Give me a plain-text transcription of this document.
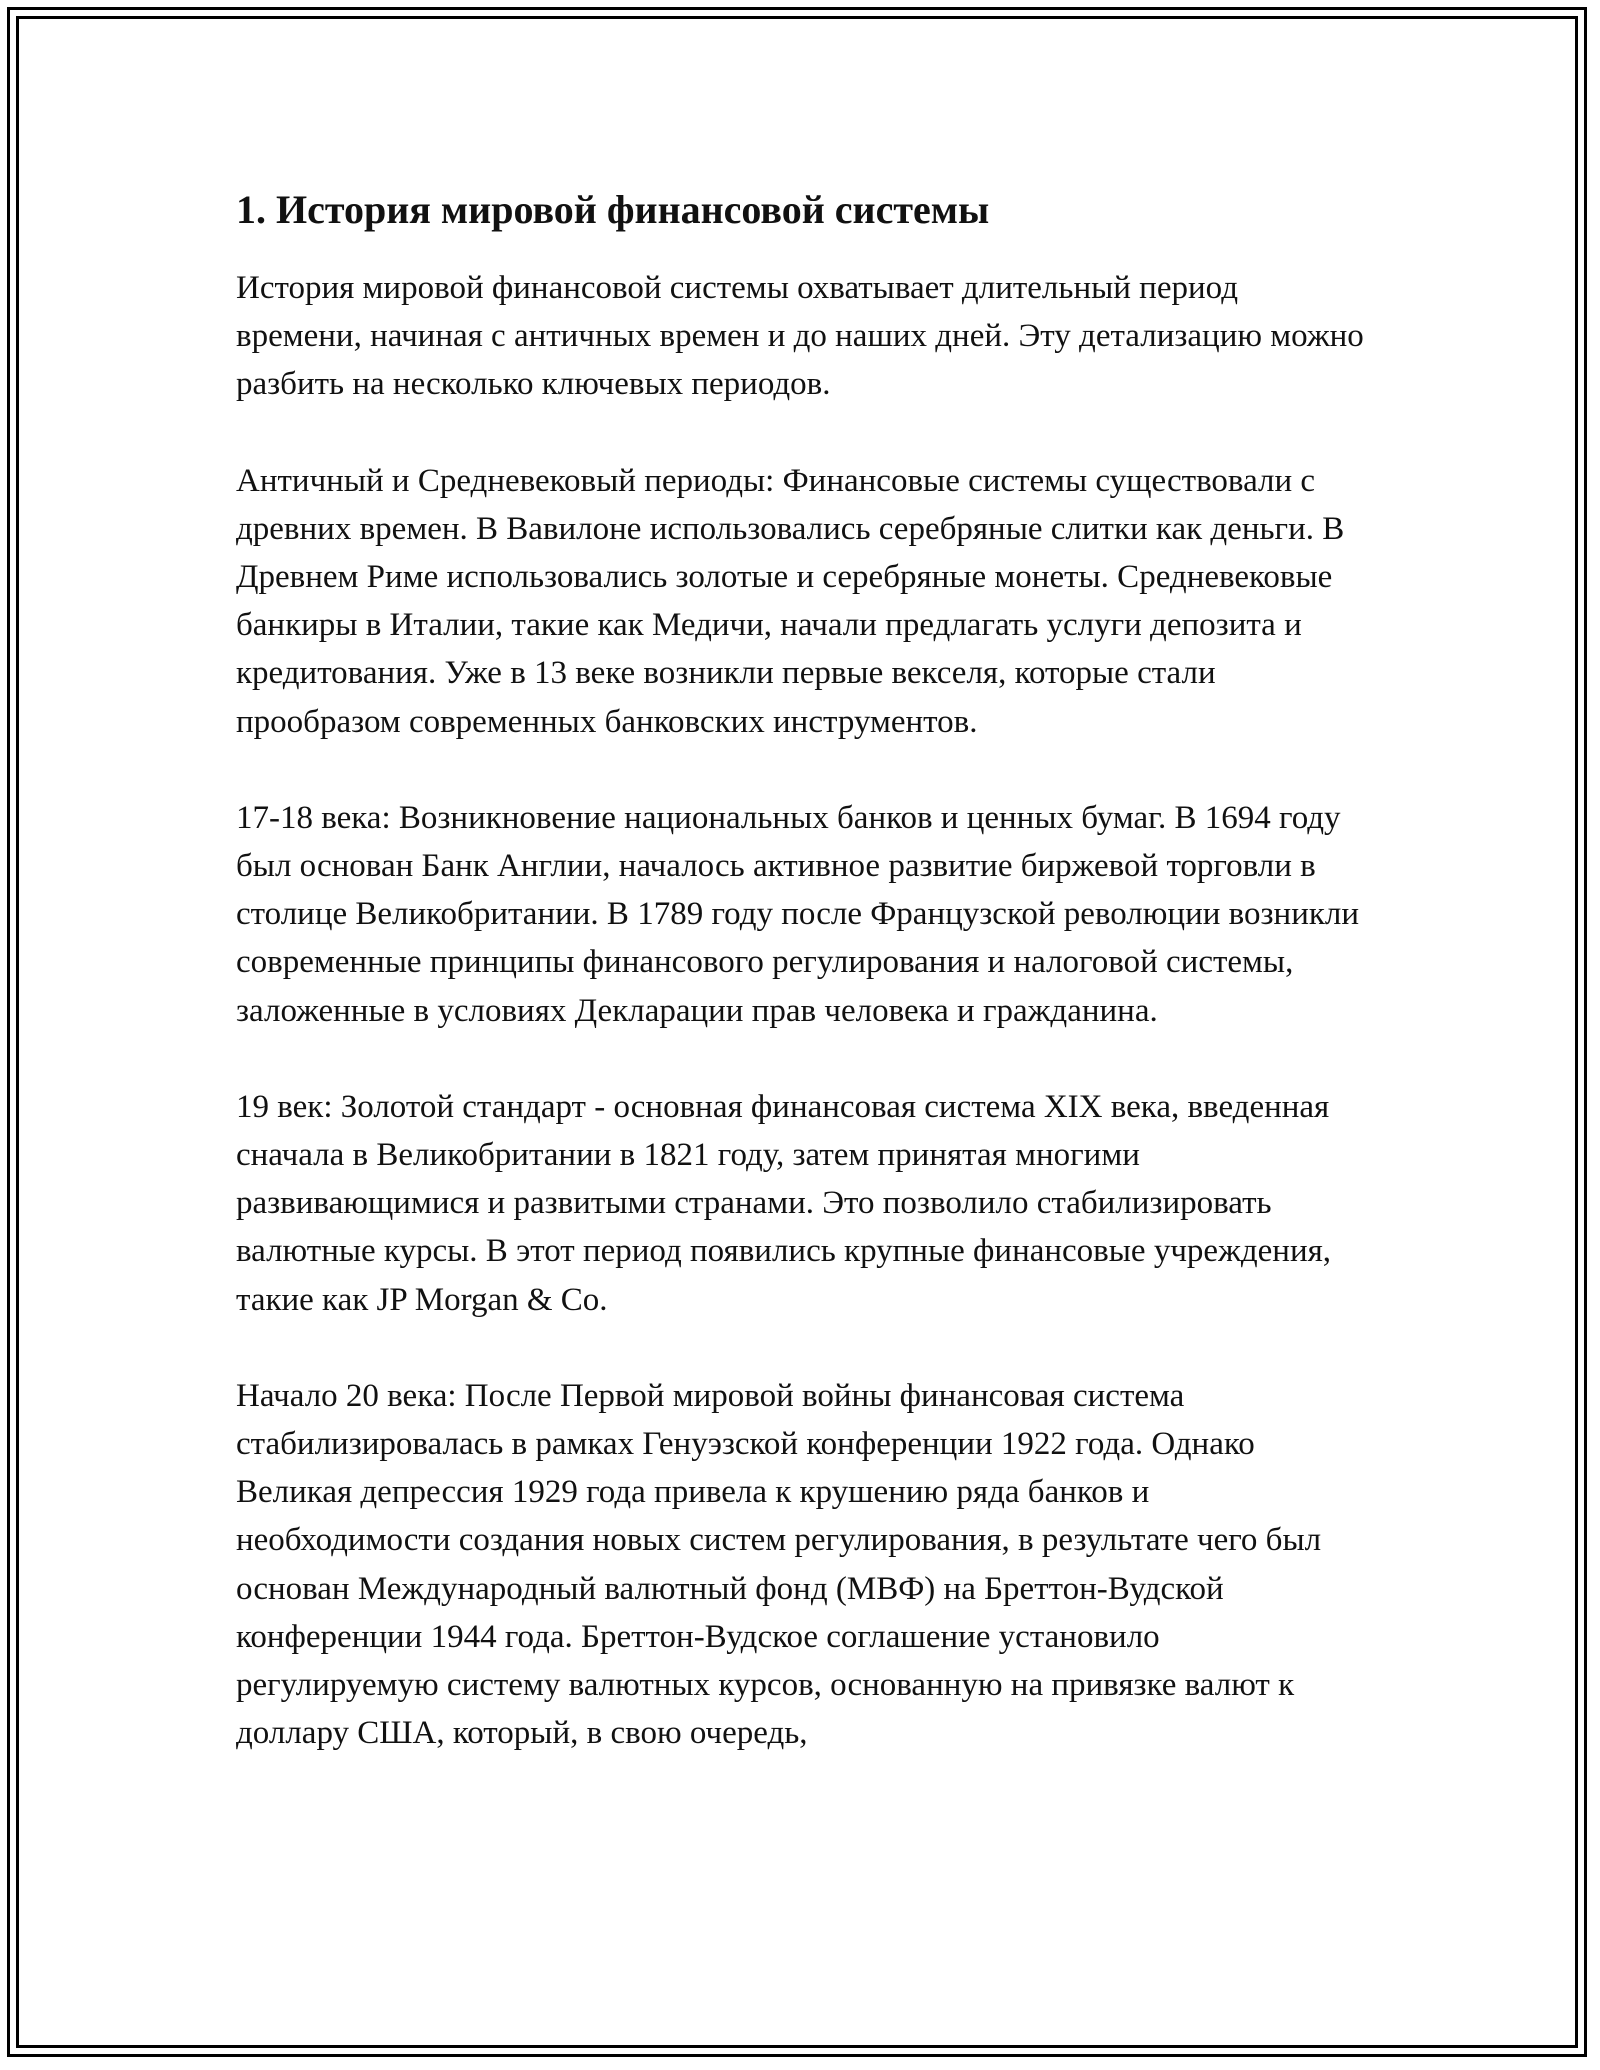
1. История мировой финансовой системы

История мировой финансовой системы охватывает длительный период времени, начиная с античных времен и до наших дней. Эту детализацию можно разбить на несколько ключевых периодов.

Античный и Средневековый периоды: Финансовые системы существовали с древних времен. В Вавилоне использовались серебряные слитки как деньги. В Древнем Риме использовались золотые и серебряные монеты. Средневековые банкиры в Италии, такие как Медичи, начали предлагать услуги депозита и кредитования. Уже в 13 веке возникли первые векселя, которые стали прообразом современных банковских инструментов.

17-18 века: Возникновение национальных банков и ценных бумаг. В 1694 году был основан Банк Англии, началось активное развитие биржевой торговли в столице Великобритании. В 1789 году после Французской революции возникли современные принципы финансового регулирования и налоговой системы, заложенные в условиях Декларации прав человека и гражданина.

19 век: Золотой стандарт - основная финансовая система XIX века, введенная сначала в Великобритании в 1821 году, затем принятая многими развивающимися и развитыми странами. Это позволило стабилизировать валютные курсы. В этот период появились крупные финансовые учреждения, такие как JP Morgan & Co.

Начало 20 века: После Первой мировой войны финансовая система стабилизировалась в рамках Генуэзской конференции 1922 года. Однако Великая депрессия 1929 года привела к крушению ряда банков и необходимости создания новых систем регулирования, в результате чего был основан Международный валютный фонд (МВФ) на Бреттон-Вудской конференции 1944 года. Бреттон-Вудское соглашение установило регулируемую систему валютных курсов, основанную на привязке валют к доллару США, который, в свою очередь,
